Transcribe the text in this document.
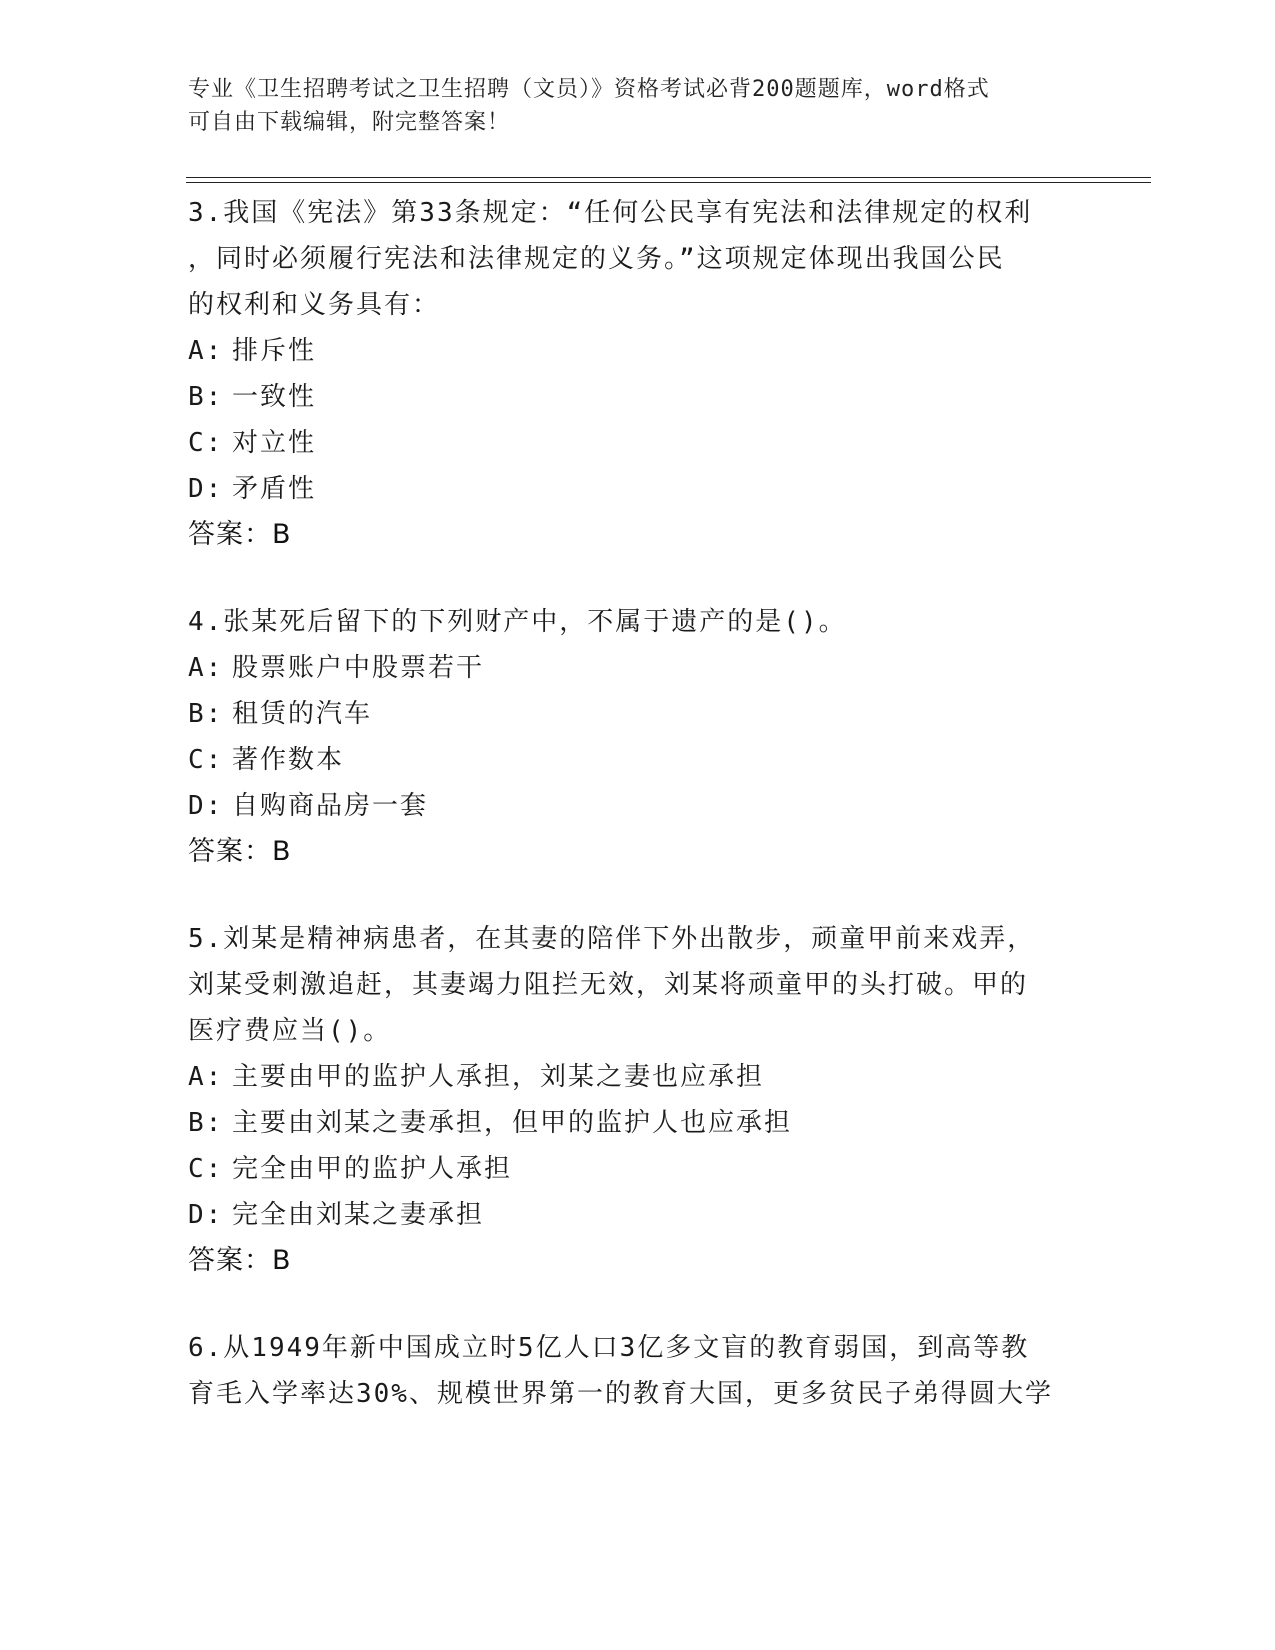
专业《卫生招聘考试之卫生招聘（文员）》资格考试必背200题题库，word格式
可自由下载编辑，附完整答案！
3.我国《宪法》第33条规定：“任何公民享有宪法和法律规定的权利
，同时必须履行宪法和法律规定的义务。”这项规定体现出我国公民
的权利和义务具有：
A: 排斥性
B: 一致性
C: 对立性
D: 矛盾性
答案：B
4.张某死后留下的下列财产中，不属于遗产的是()。
A: 股票账户中股票若干
B: 租赁的汽车
C: 著作数本
D: 自购商品房一套
答案：B
5.刘某是精神病患者，在其妻的陪伴下外出散步，顽童甲前来戏弄，
刘某受刺激追赶，其妻竭力阻拦无效，刘某将顽童甲的头打破。甲的
医疗费应当()。
A: 主要由甲的监护人承担，刘某之妻也应承担
B: 主要由刘某之妻承担，但甲的监护人也应承担
C: 完全由甲的监护人承担
D: 完全由刘某之妻承担
答案：B
6.从1949年新中国成立时5亿人口3亿多文盲的教育弱国，到高等教
育毛入学率达30%、规模世界第一的教育大国，更多贫民子弟得圆大学
